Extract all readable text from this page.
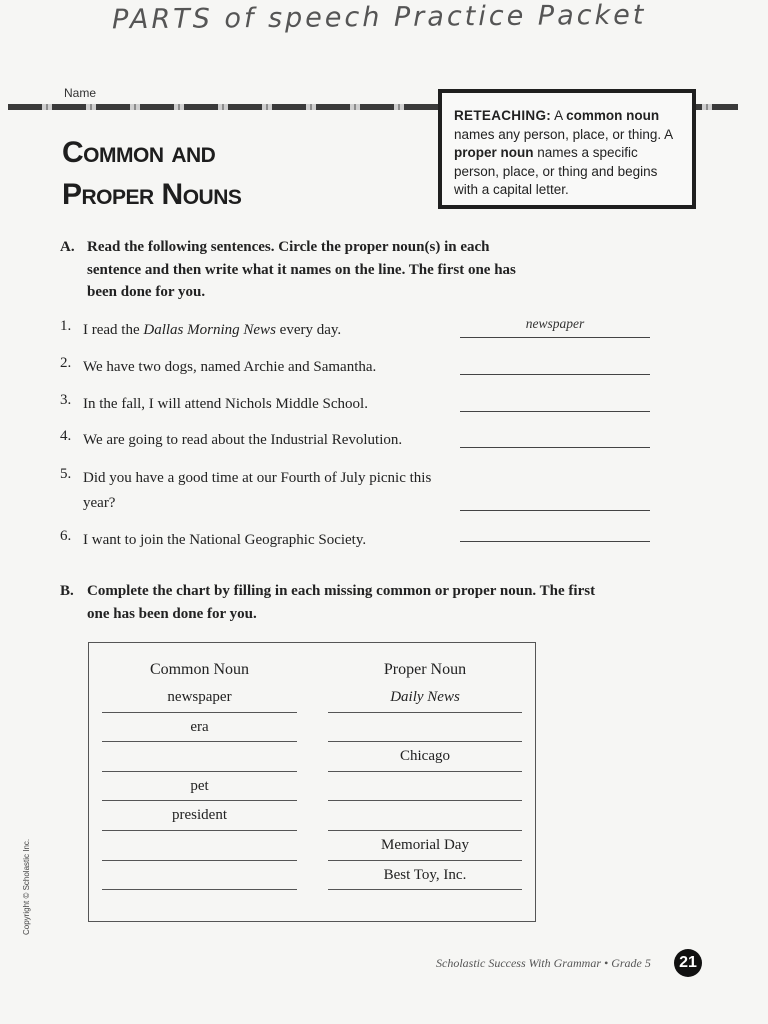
PARTS of speech Practice Packet
Name
Common and
Proper Nouns
RETEACHING: A common noun names any person, place, or thing. A proper noun names a specific person, place, or thing and begins with a capital letter.
A. Read the following sentences. Circle the proper noun(s) in each sentence and then write what it names on the line. The first one has been done for you.
1. I read the Dallas Morning News every day.	newspaper
2. We have two dogs, named Archie and Samantha.
3. In the fall, I will attend Nichols Middle School.
4. We are going to read about the Industrial Revolution.
5. Did you have a good time at our Fourth of July picnic this year?
6. I want to join the National Geographic Society.
B. Complete the chart by filling in each missing common or proper noun. The first one has been done for you.
Common Noun
newspaper
era
pet
president
Proper Noun
Daily News
Chicago
Memorial Day
Best Toy, Inc.
Copyright © Scholastic Inc.
Scholastic Success With Grammar • Grade 5	21
